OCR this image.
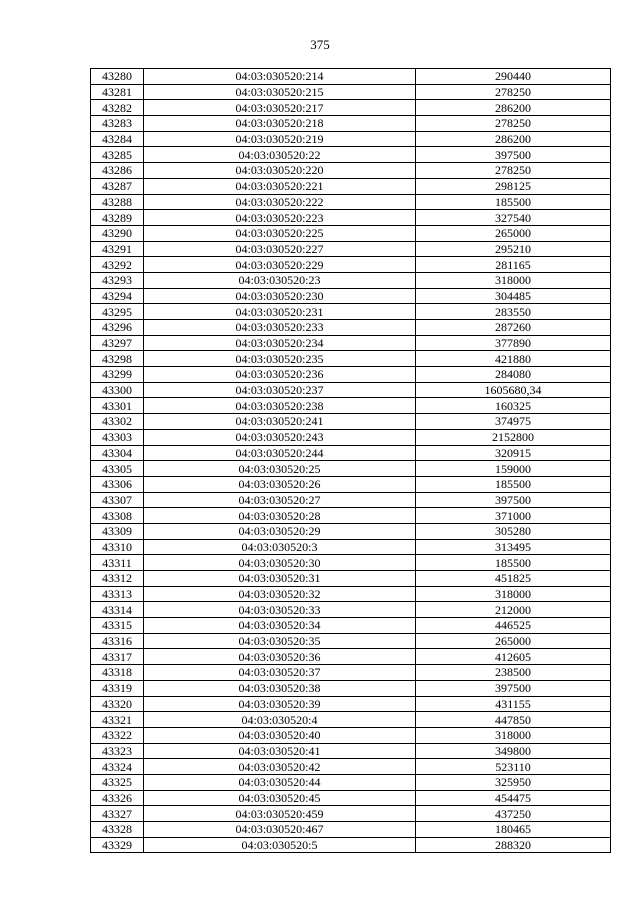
375
43280	04:03:030520:214	290440
43281	04:03:030520:215	278250
43282	04:03:030520:217	286200
43283	04:03:030520:218	278250
43284	04:03:030520:219	286200
43285	04:03:030520:22	397500
43286	04:03:030520:220	278250
43287	04:03:030520:221	298125
43288	04:03:030520:222	185500
43289	04:03:030520:223	327540
43290	04:03:030520:225	265000
43291	04:03:030520:227	295210
43292	04:03:030520:229	281165
43293	04:03:030520:23	318000
43294	04:03:030520:230	304485
43295	04:03:030520:231	283550
43296	04:03:030520:233	287260
43297	04:03:030520:234	377890
43298	04:03:030520:235	421880
43299	04:03:030520:236	284080
43300	04:03:030520:237	1605680,34
43301	04:03:030520:238	160325
43302	04:03:030520:241	374975
43303	04:03:030520:243	2152800
43304	04:03:030520:244	320915
43305	04:03:030520:25	159000
43306	04:03:030520:26	185500
43307	04:03:030520:27	397500
43308	04:03:030520:28	371000
43309	04:03:030520:29	305280
43310	04:03:030520:3	313495
43311	04:03:030520:30	185500
43312	04:03:030520:31	451825
43313	04:03:030520:32	318000
43314	04:03:030520:33	212000
43315	04:03:030520:34	446525
43316	04:03:030520:35	265000
43317	04:03:030520:36	412605
43318	04:03:030520:37	238500
43319	04:03:030520:38	397500
43320	04:03:030520:39	431155
43321	04:03:030520:4	447850
43322	04:03:030520:40	318000
43323	04:03:030520:41	349800
43324	04:03:030520:42	523110
43325	04:03:030520:44	325950
43326	04:03:030520:45	454475
43327	04:03:030520:459	437250
43328	04:03:030520:467	180465
43329	04:03:030520:5	288320
